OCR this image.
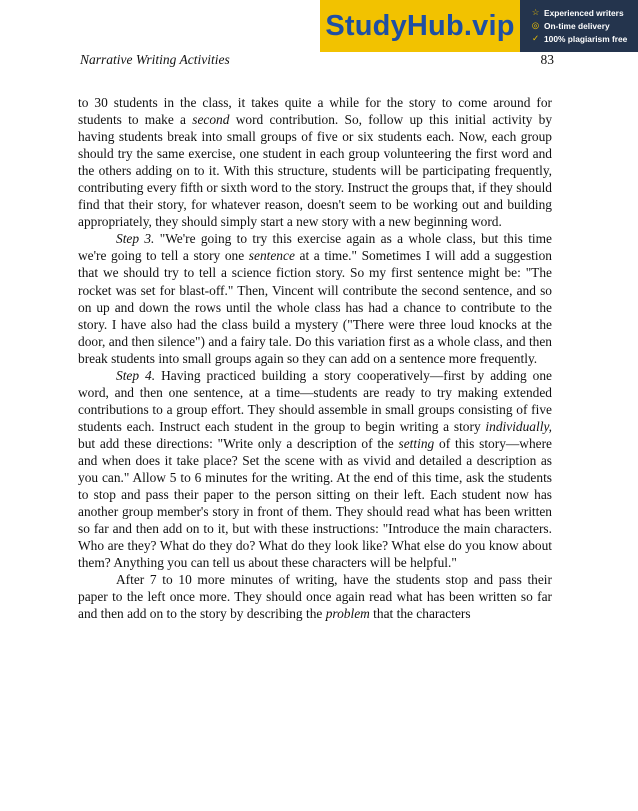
StudyHub.vip	☆ Experienced writers
◎ On-time delivery
✓ 100% plagiarism free
Narrative Writing Activities	83

to 30 students in the class, it takes quite a while for the story to come around for students to make a second word contribution. So, follow up this initial activity by having students break into small groups of five or six students each. Now, each group should try the same exercise, one student in each group volunteering the first word and the others adding on to it. With this structure, students will be participating frequently, contributing every fifth or sixth word to the story. Instruct the groups that, if they should find that their story, for whatever reason, doesn't seem to be working out and building appropriately, they should simply start a new story with a new beginning word.

Step 3. "We're going to try this exercise again as a whole class, but this time we're going to tell a story one sentence at a time." Sometimes I will add a suggestion that we should try to tell a science fiction story. So my first sentence might be: "The rocket was set for blast-off." Then, Vincent will contribute the second sentence, and so on up and down the rows until the whole class has had a chance to contribute to the story. I have also had the class build a mystery ("There were three loud knocks at the door, and then silence") and a fairy tale. Do this variation first as a whole class, and then break students into small groups again so they can add on a sentence more frequently.

Step 4. Having practiced building a story cooperatively—first by adding one word, and then one sentence, at a time—students are ready to try making extended contributions to a group effort. They should assemble in small groups consisting of five students each. Instruct each student in the group to begin writing a story individually, but add these directions: "Write only a description of the setting of this story—where and when does it take place? Set the scene with as vivid and detailed a description as you can." Allow 5 to 6 minutes for the writing. At the end of this time, ask the students to stop and pass their paper to the person sitting on their left. Each student now has another group member's story in front of them. They should read what has been written so far and then add on to it, but with these instructions: "Introduce the main characters. Who are they? What do they do? What do they look like? What else do you know about them? Anything you can tell us about these characters will be helpful."

After 7 to 10 more minutes of writing, have the students stop and pass their paper to the left once more. They should once again read what has been written so far and then add on to the story by describing the problem that the characters
